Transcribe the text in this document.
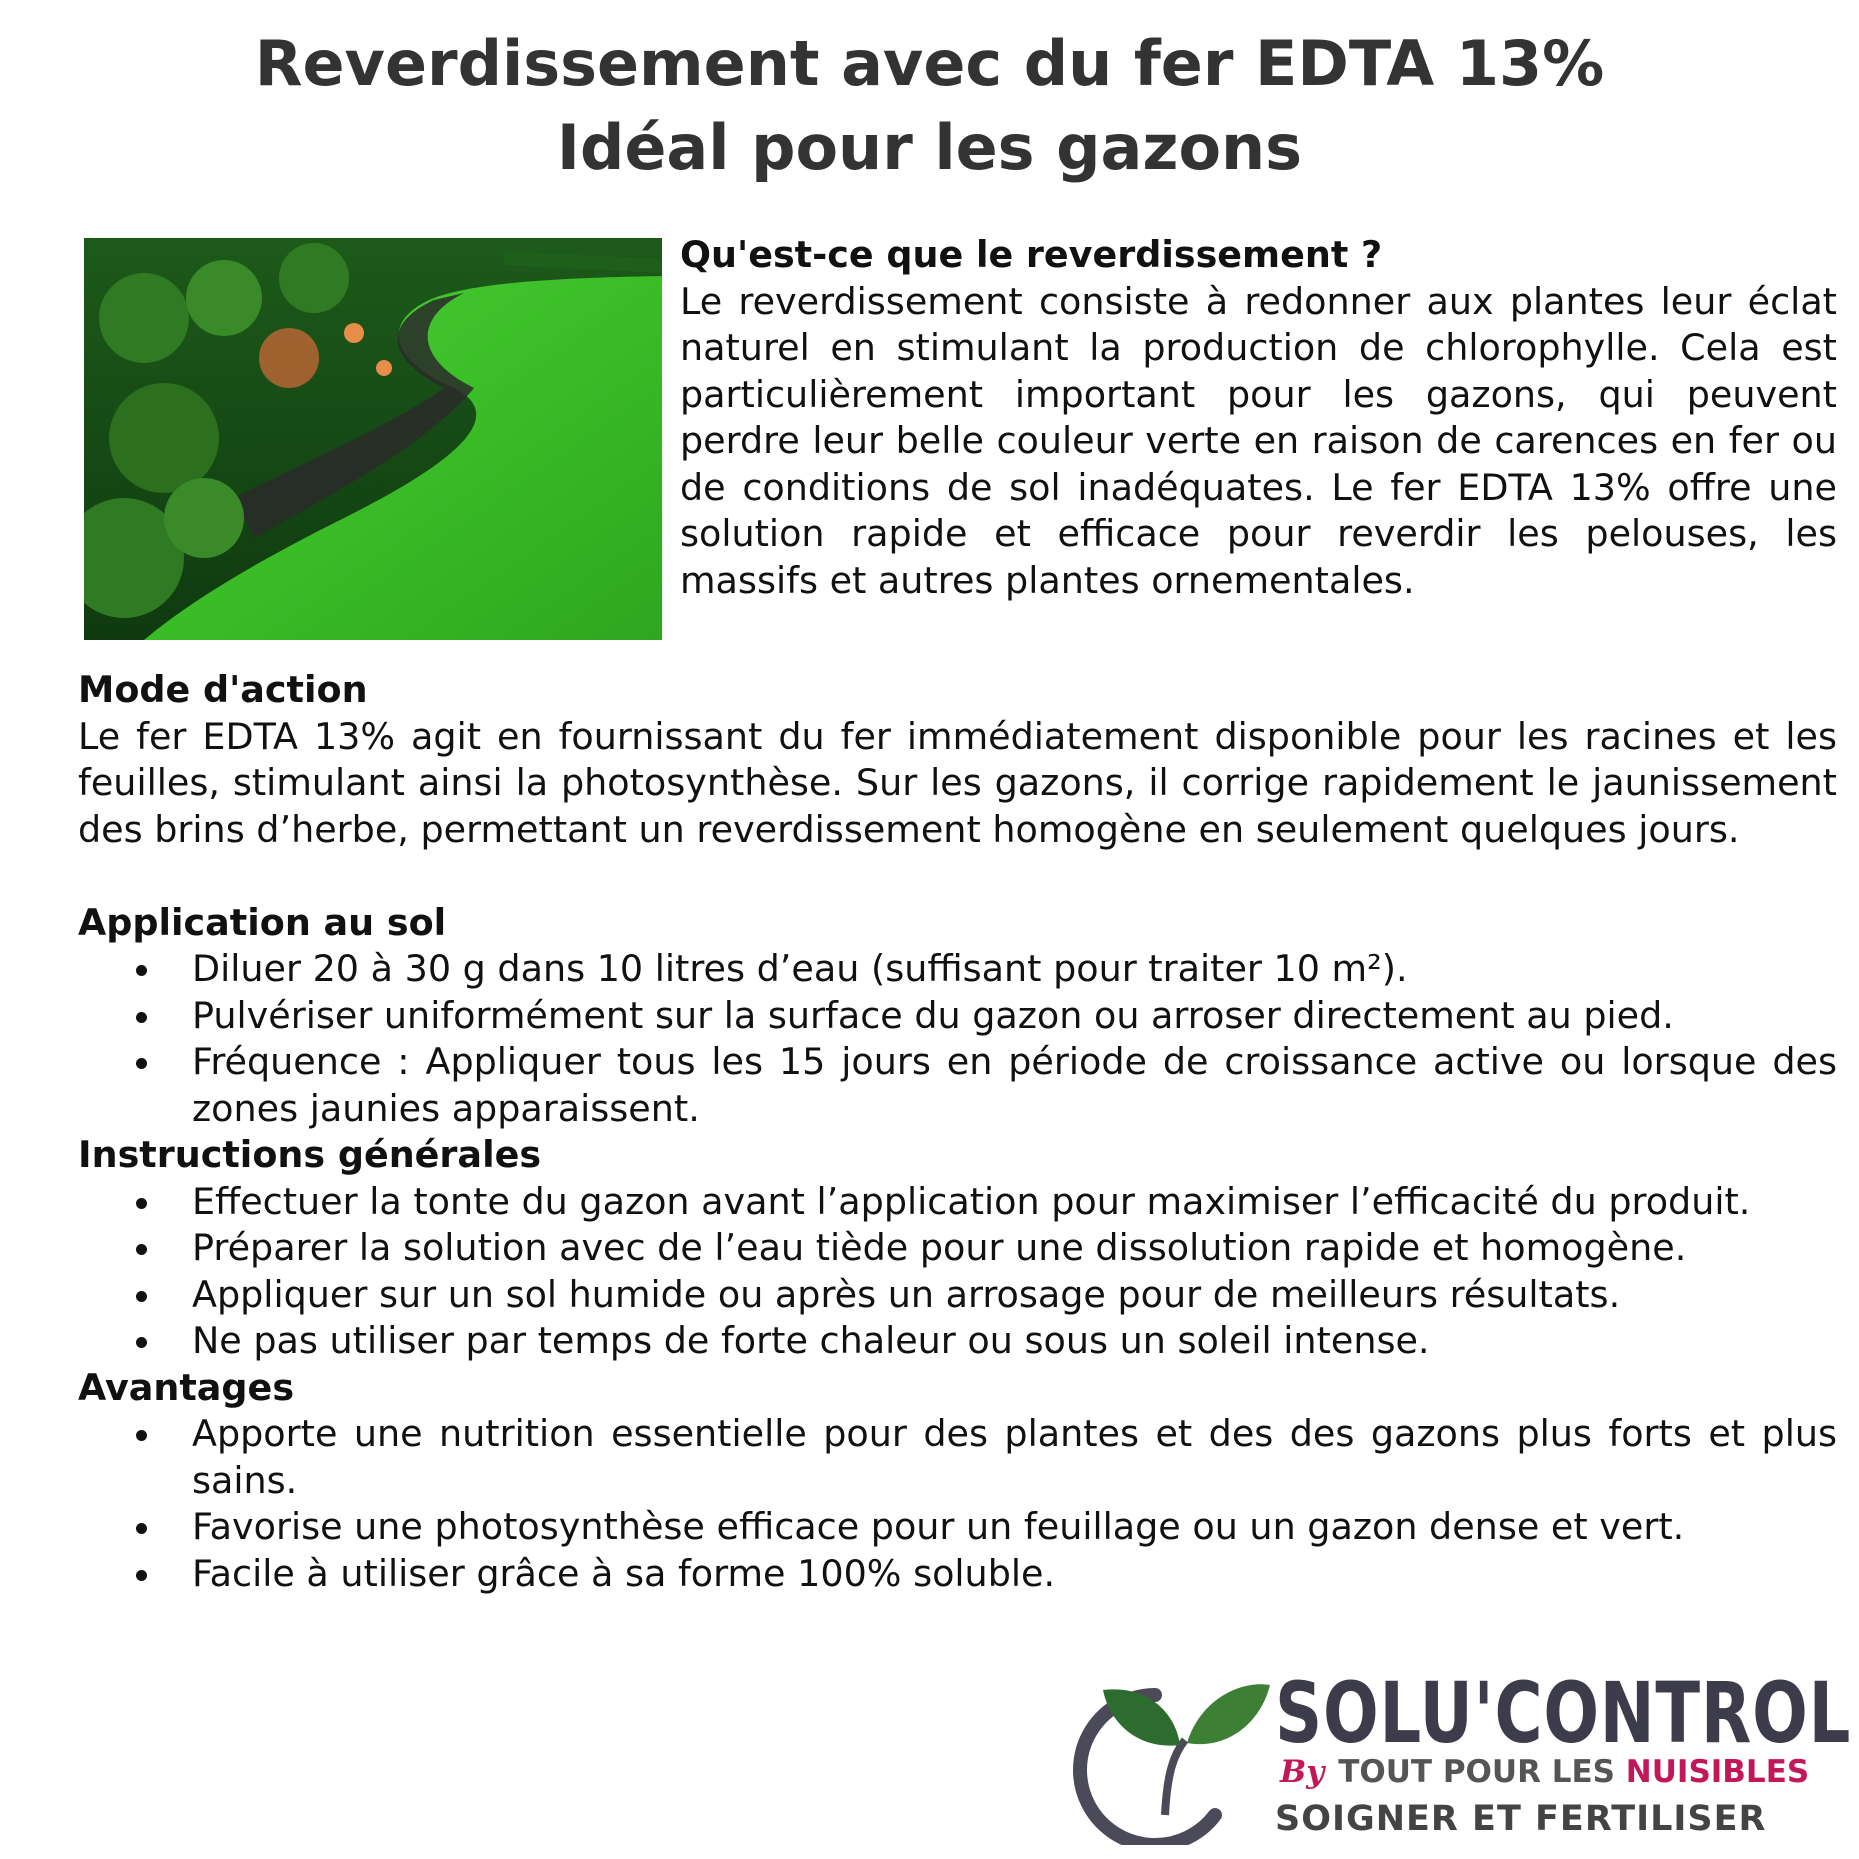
Reverdissement avec du fer EDTA 13%
Idéal pour les gazons
Qu'est-ce que le reverdissement ?

Le reverdissement consiste à redonner aux plantes leur éclat naturel en stimulant la production de chlorophylle. Cela est particulièrement important pour les gazons, qui peuvent perdre leur belle couleur verte en raison de carences en fer ou de conditions de sol inadéquates. Le fer EDTA 13% offre une solution rapide et efficace pour reverdir les pelouses, les massifs et autres plantes ornementales.

Mode d'action

Le fer EDTA 13% agit en fournissant du fer immédiatement disponible pour les racines et les feuilles, stimulant ainsi la photosynthèse. Sur les gazons, il corrige rapidement le jaunissement des brins d’herbe, permettant un reverdissement homogène en seulement quelques jours.

Application au sol
Diluer 20 à 30 g dans 10 litres d’eau (suffisant pour traiter 10 m²).
Pulvériser uniformément sur la surface du gazon ou arroser directement au pied.
Fréquence : Appliquer tous les 15 jours en période de croissance active ou lorsque des zones jaunies apparaissent.
Instructions générales
Effectuer la tonte du gazon avant l’application pour maximiser l’efficacité du produit.
Préparer la solution avec de l’eau tiède pour une dissolution rapide et homogène.
Appliquer sur un sol humide ou après un arrosage pour de meilleurs résultats.
Ne pas utiliser par temps de forte chaleur ou sous un soleil intense.
Avantages
Apporte une nutrition essentielle pour des plantes et des des gazons plus forts et plus sains.
Favorise une photosynthèse efficace pour un feuillage ou un gazon dense et vert.
Facile à utiliser grâce à sa forme 100% soluble.

SOLU'CONTROL

By TOUT POUR LES NUISIBLES

SOIGNER ET FERTILISER
